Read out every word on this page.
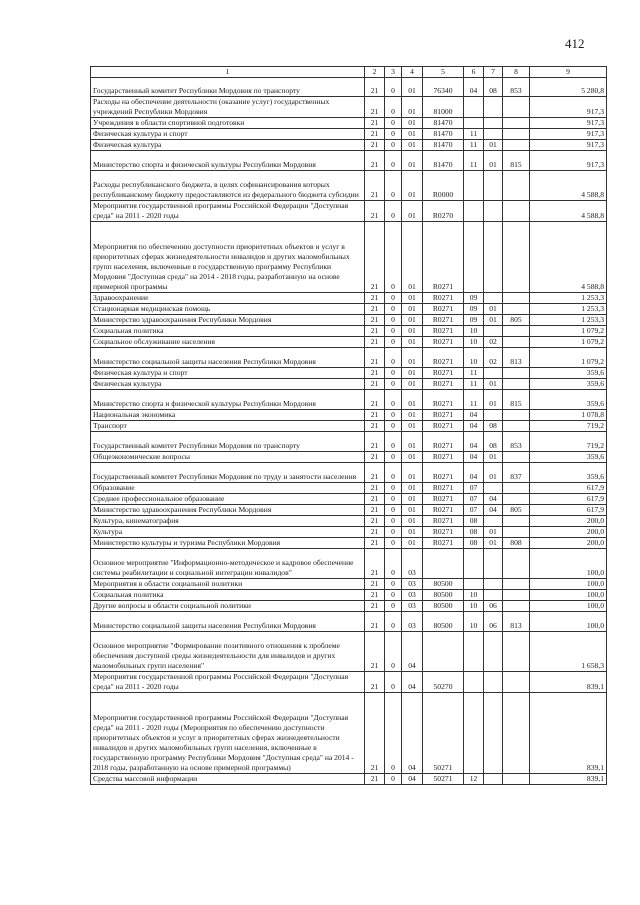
412
1	2	3	4	5	6	7	8	9
Государственный комитет Республики Мордовия по транспорту	21	0	01	76340	04	08	853	5 280,8
Расходы на обеспечение деятельности (оказание услуг) государственных учреждений Республики Мордовия	21	0	01	81000				917,3
Учреждения в области спортивной подготовки	21	0	01	81470				917,3
Физическая культура и спорт	21	0	01	81470	11			917,3
Физическая культура	21	0	01	81470	11	01		917,3
Министерство спорта и физической культуры Республики Мордовия	21	0	01	81470	11	01	815	917,3
Расходы республиканского бюджета, в целях софинансирования которых республиканскому бюджету предоставляются из федерального бюджета субсидии	21	0	01	R0000				4 588,8
Мероприятия государственной программы Российской Федерации "Доступная среда" на 2011 - 2020 годы	21	0	01	R0270				4 588,8
Мероприятия по обеспечению доступности приоритетных объектов и услуг в приоритетных сферах жизнедеятельности инвалидов и других маломобильных групп населения, включенные в государственную программу Республики Мордовия "Доступная среда" на 2014 - 2018 годы, разработанную на основе примерной программы	21	0	01	R0271				4 588,8
Здравоохранение	21	0	01	R0271	09			1 253,3
Стационарная медицинская помощь	21	0	01	R0271	09	01		1 253,3
Министерство здравоохранения Республики Мордовия	21	0	01	R0271	09	01	805	1 253,3
Социальная политика	21	0	01	R0271	10			1 079,2
Социальное обслуживание населения	21	0	01	R0271	10	02		1 079,2
Министерство социальной защиты населения Республики Мордовия	21	0	01	R0271	10	02	813	1 079,2
Физическая культура и спорт	21	0	01	R0271	11			359,6
Физическая культура	21	0	01	R0271	11	01		359,6
Министерство спорта и физической культуры Республики Мордовия	21	0	01	R0271	11	01	815	359,6
Национальная экономика	21	0	01	R0271	04			1 078,8
Транспорт	21	0	01	R0271	04	08		719,2
Государственный комитет Республики Мордовия по транспорту	21	0	01	R0271	04	08	853	719,2
Общеэкономические вопросы	21	0	01	R0271	04	01		359,6
Государственный комитет Республики Мордовия по труду и занятости населения	21	0	01	R0271	04	01	837	359,6
Образование	21	0	01	R0271	07			617,9
Среднее профессиональное образование	21	0	01	R0271	07	04		617,9
Министерство здравоохранения Республики Мордовия	21	0	01	R0271	07	04	805	617,9
Культура, кинематография	21	0	01	R0271	08			200,0
Культура	21	0	01	R0271	08	01		200,0
Министерство культуры и туризма Республики Мордовия	21	0	01	R0271	08	01	808	200,0
Основное мероприятие "Информационно-методическое и кадровое обеспечение системы реабилитации и социальной интеграции инвалидов"	21	0	03					100,0
Мероприятия в области социальной политики	21	0	03	80500				100,0
Социальная политика	21	0	03	80500	10			100,0
Другие вопросы в области социальной политики	21	0	03	80500	10	06		100,0
Министерство социальной защиты населения Республики Мордовия	21	0	03	80500	10	06	813	100,0
Основное мероприятие "Формирование позитивного отношения к проблеме обеспечения доступной среды жизнедеятельности для инвалидов и других маломобильных групп населения"	21	0	04					1 658,3
Мероприятия государственной программы Российской Федерации "Доступная среда" на 2011 - 2020 годы	21	0	04	50270				839,1
Мероприятия государственной программы Российской Федерации "Доступная среда" на 2011 - 2020 годы (Мероприятия по обеспечению доступности приоритетных объектов и услуг в приоритетных сферах жизнедеятельности инвалидов и других маломобильных групп населения, включенные в государственную программу Республики Мордовия "Доступная среда" на 2014 - 2018 годы, разработанную на основе примерной программы)	21	0	04	50271				839,1
Средства массовой информации	21	0	04	50271	12			839,1
